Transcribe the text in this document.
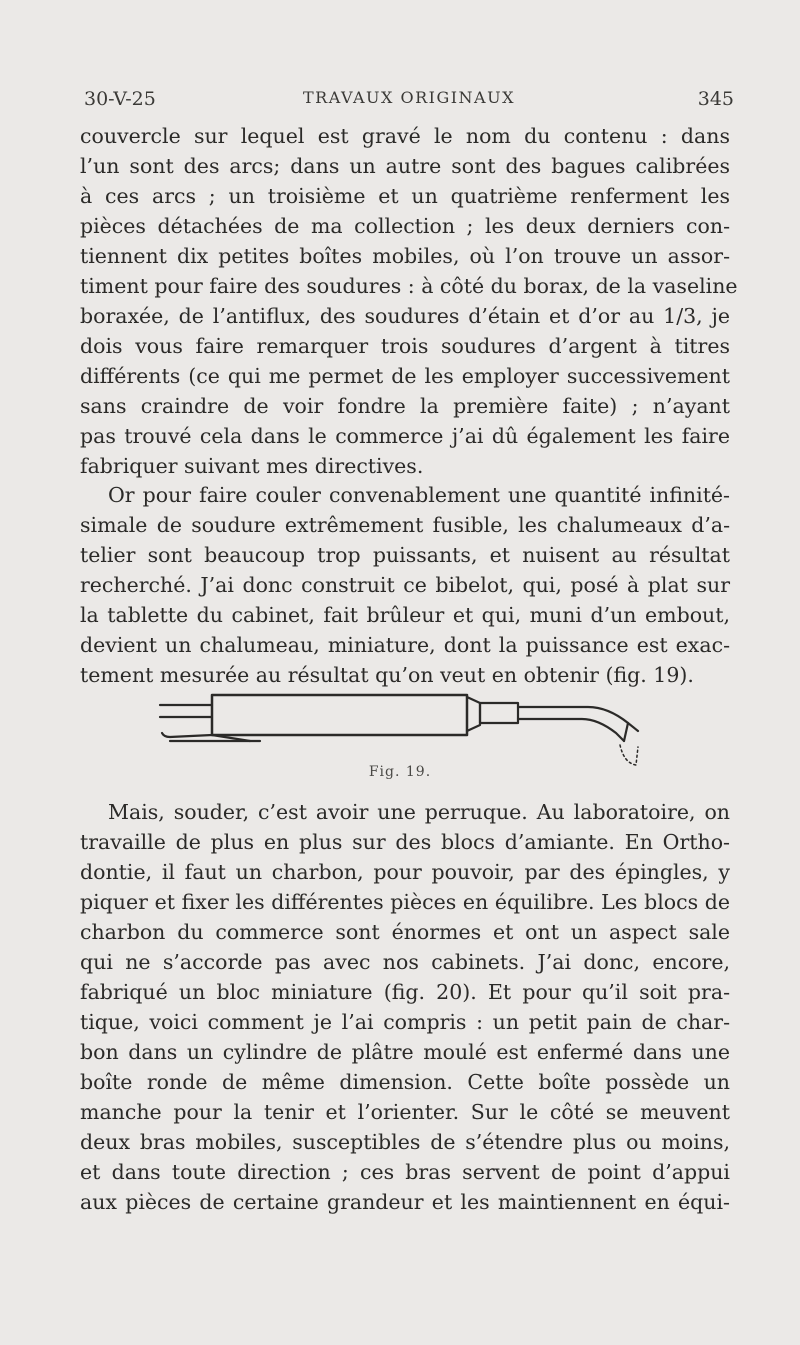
30-V-25	TRAVAUX ORIGINAUX	345
couvercle sur lequel est gravé le nom du contenu : dans
l’un sont des arcs; dans un autre sont des bagues calibrées
à ces arcs ; un troisième et un quatrième renferment les
pièces détachées de ma collection ; les deux derniers con-
tiennent dix petites boîtes mobiles, où l’on trouve un assor-
timent pour faire des soudures : à côté du borax, de la vaseline
boraxée, de l’antiflux, des soudures d’étain et d’or au 1/3, je
dois vous faire remarquer trois soudures d’argent à titres
différents (ce qui me permet de les employer successivement
sans craindre de voir fondre la première faite) ; n’ayant
pas trouvé cela dans le commerce j’ai dû également les faire
fabriquer suivant mes directives.
Or pour faire couler convenablement une quantité infinité-
simale de soudure extrêmement fusible, les chalumeaux d’a-
telier sont beaucoup trop puissants, et nuisent au résultat
recherché. J’ai donc construit ce bibelot, qui, posé à plat sur
la tablette du cabinet, fait brûleur et qui, muni d’un embout,
devient un chalumeau, miniature, dont la puissance est exac-
tement mesurée au résultat qu’on veut en obtenir (fig. 19).
Fig. 19.
Mais, souder, c’est avoir une perruque. Au laboratoire, on
travaille de plus en plus sur des blocs d’amiante. En Ortho-
dontie, il faut un charbon, pour pouvoir, par des épingles, y
piquer et fixer les différentes pièces en équilibre. Les blocs de
charbon du commerce sont énormes et ont un aspect sale
qui ne s’accorde pas avec nos cabinets. J’ai donc, encore,
fabriqué un bloc miniature (fig. 20). Et pour qu’il soit pra-
tique, voici comment je l’ai compris : un petit pain de char-
bon dans un cylindre de plâtre moulé est enfermé dans une
boîte ronde de même dimension. Cette boîte possède un
manche pour la tenir et l’orienter. Sur le côté se meuvent
deux bras mobiles, susceptibles de s’étendre plus ou moins,
et dans toute direction ; ces bras servent de point d’appui
aux pièces de certaine grandeur et les maintiennent en équi-
